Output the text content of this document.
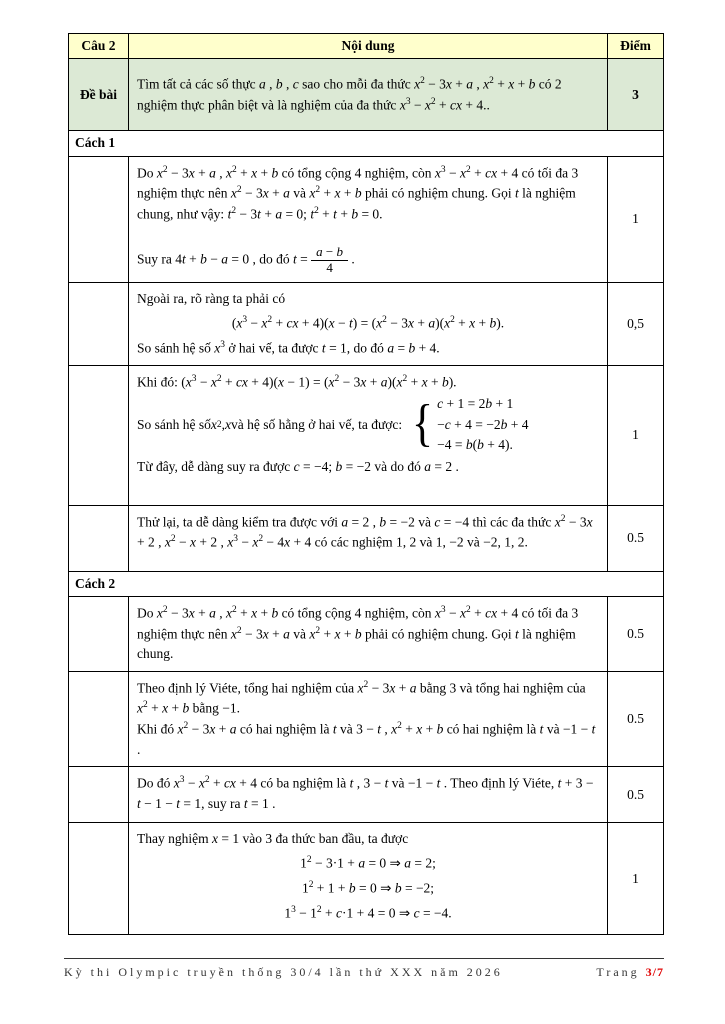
Câu 2	Nội dung	Điểm
Đề bài	Tìm tất cả các số thực a , b , c sao cho mỗi đa thức $x^2 - 3x + a$ , $x^2 + x + b$ có 2 nghiệm thực phân biệt và là nghiệm của đa thức $x^3 - x^2$ + cx + 4..	3
Cách 1		
	Do $x^2 - 3x + a$ , $x^2 + x + b$ có tổng cộng 4 nghiệm, còn $x^3 - x^2$ + cx + 4 có tối đa 3 nghiệm thực nên $x^2 - 3x + a$ và $x^2 + x + b$ phải có nghiệm chung. Gọi t là nghiệm chung, như vậy: $t^2 - 3t + a = 0$; $t^2 + t + b = 0$.

Suy ra 4t + b − a = 0 , do đó $t = \frac{a - b}{4}$ .	1
	Ngoài ra, rõ ràng ta phải có
($x^3 - x^2$ + cx + $4)(x - t) = (x^2 - 3x + a)(x^2 + x + b)$.
So sánh hệ số $x^3$ ở hai vế, ta được t = 1, do đó a = b + 4.	0,5
	Khi đó: ($x^3 - x^2$ + cx + $4)(x - 1) = (x^2 - 3x + a)(x^2 + x + b)$.
So sánh hệ số x 2 , x và hệ số hằng ở hai vế, ta được: { c + 1 = 2b + 1
−c + 4 = −2b + 4
−4 = b(b + 4).
Từ đây, dễ dàng suy ra được c = −4; b = −2 và do đó a = 2 .	1
	Thử lại, ta dễ dàng kiểm tra được với a = 2 , b = −2 và c = −4 thì các đa thức $x^2 - 3x + 2$ , $x^2 - x + 2$ , $x^3 - x^2 - 4x + 4$ có các nghiệm 1, 2 và 1, −2 và −2, 1, 2.	0.5
Cách 2		
	Do $x^2 - 3x + a$ , $x^2 + x + b$ có tổng cộng 4 nghiệm, còn $x^3 - x^2$ + cx + 4 có tối đa 3 nghiệm thực nên $x^2 - 3x + a$ và $x^2 + x + b$ phải có nghiệm chung. Gọi t là nghiệm chung.	0.5
	Theo định lý Viéte, tổng hai nghiệm của $x^2 - 3x + a$ bằng 3 và tổng hai nghiệm của $x^2 + x + b$ bằng −1.
Khi đó $x^2 - 3x + a$ có hai nghiệm là t và 3 − t , $x^2 + x + b$ có hai nghiệm là t và −1 − t .	0.5
	Do đó $x^3 - x^2$ + cx + 4 có ba nghiệm là t , 3 − t và −1 − t . Theo định lý Viéte, t + 3 − t − 1 − t = 1, suy ra t = 1 .	0.5
	Thay nghiệm x = 1 vào 3 đa thức ban đầu, ta được
$1^2 - 3\cdot 1 + a = 0$ ⇒ a = 2;
$1^2 + 1 + b = 0$ ⇒ b = −2;
$1^3 - 1^2 + c\cdot 1 + 4 = 0$ ⇒ c = −4.	1
Kỳ thi Olympic truyền thống 30/4 lần thứ XXX năm 2026	Trang 3/7
